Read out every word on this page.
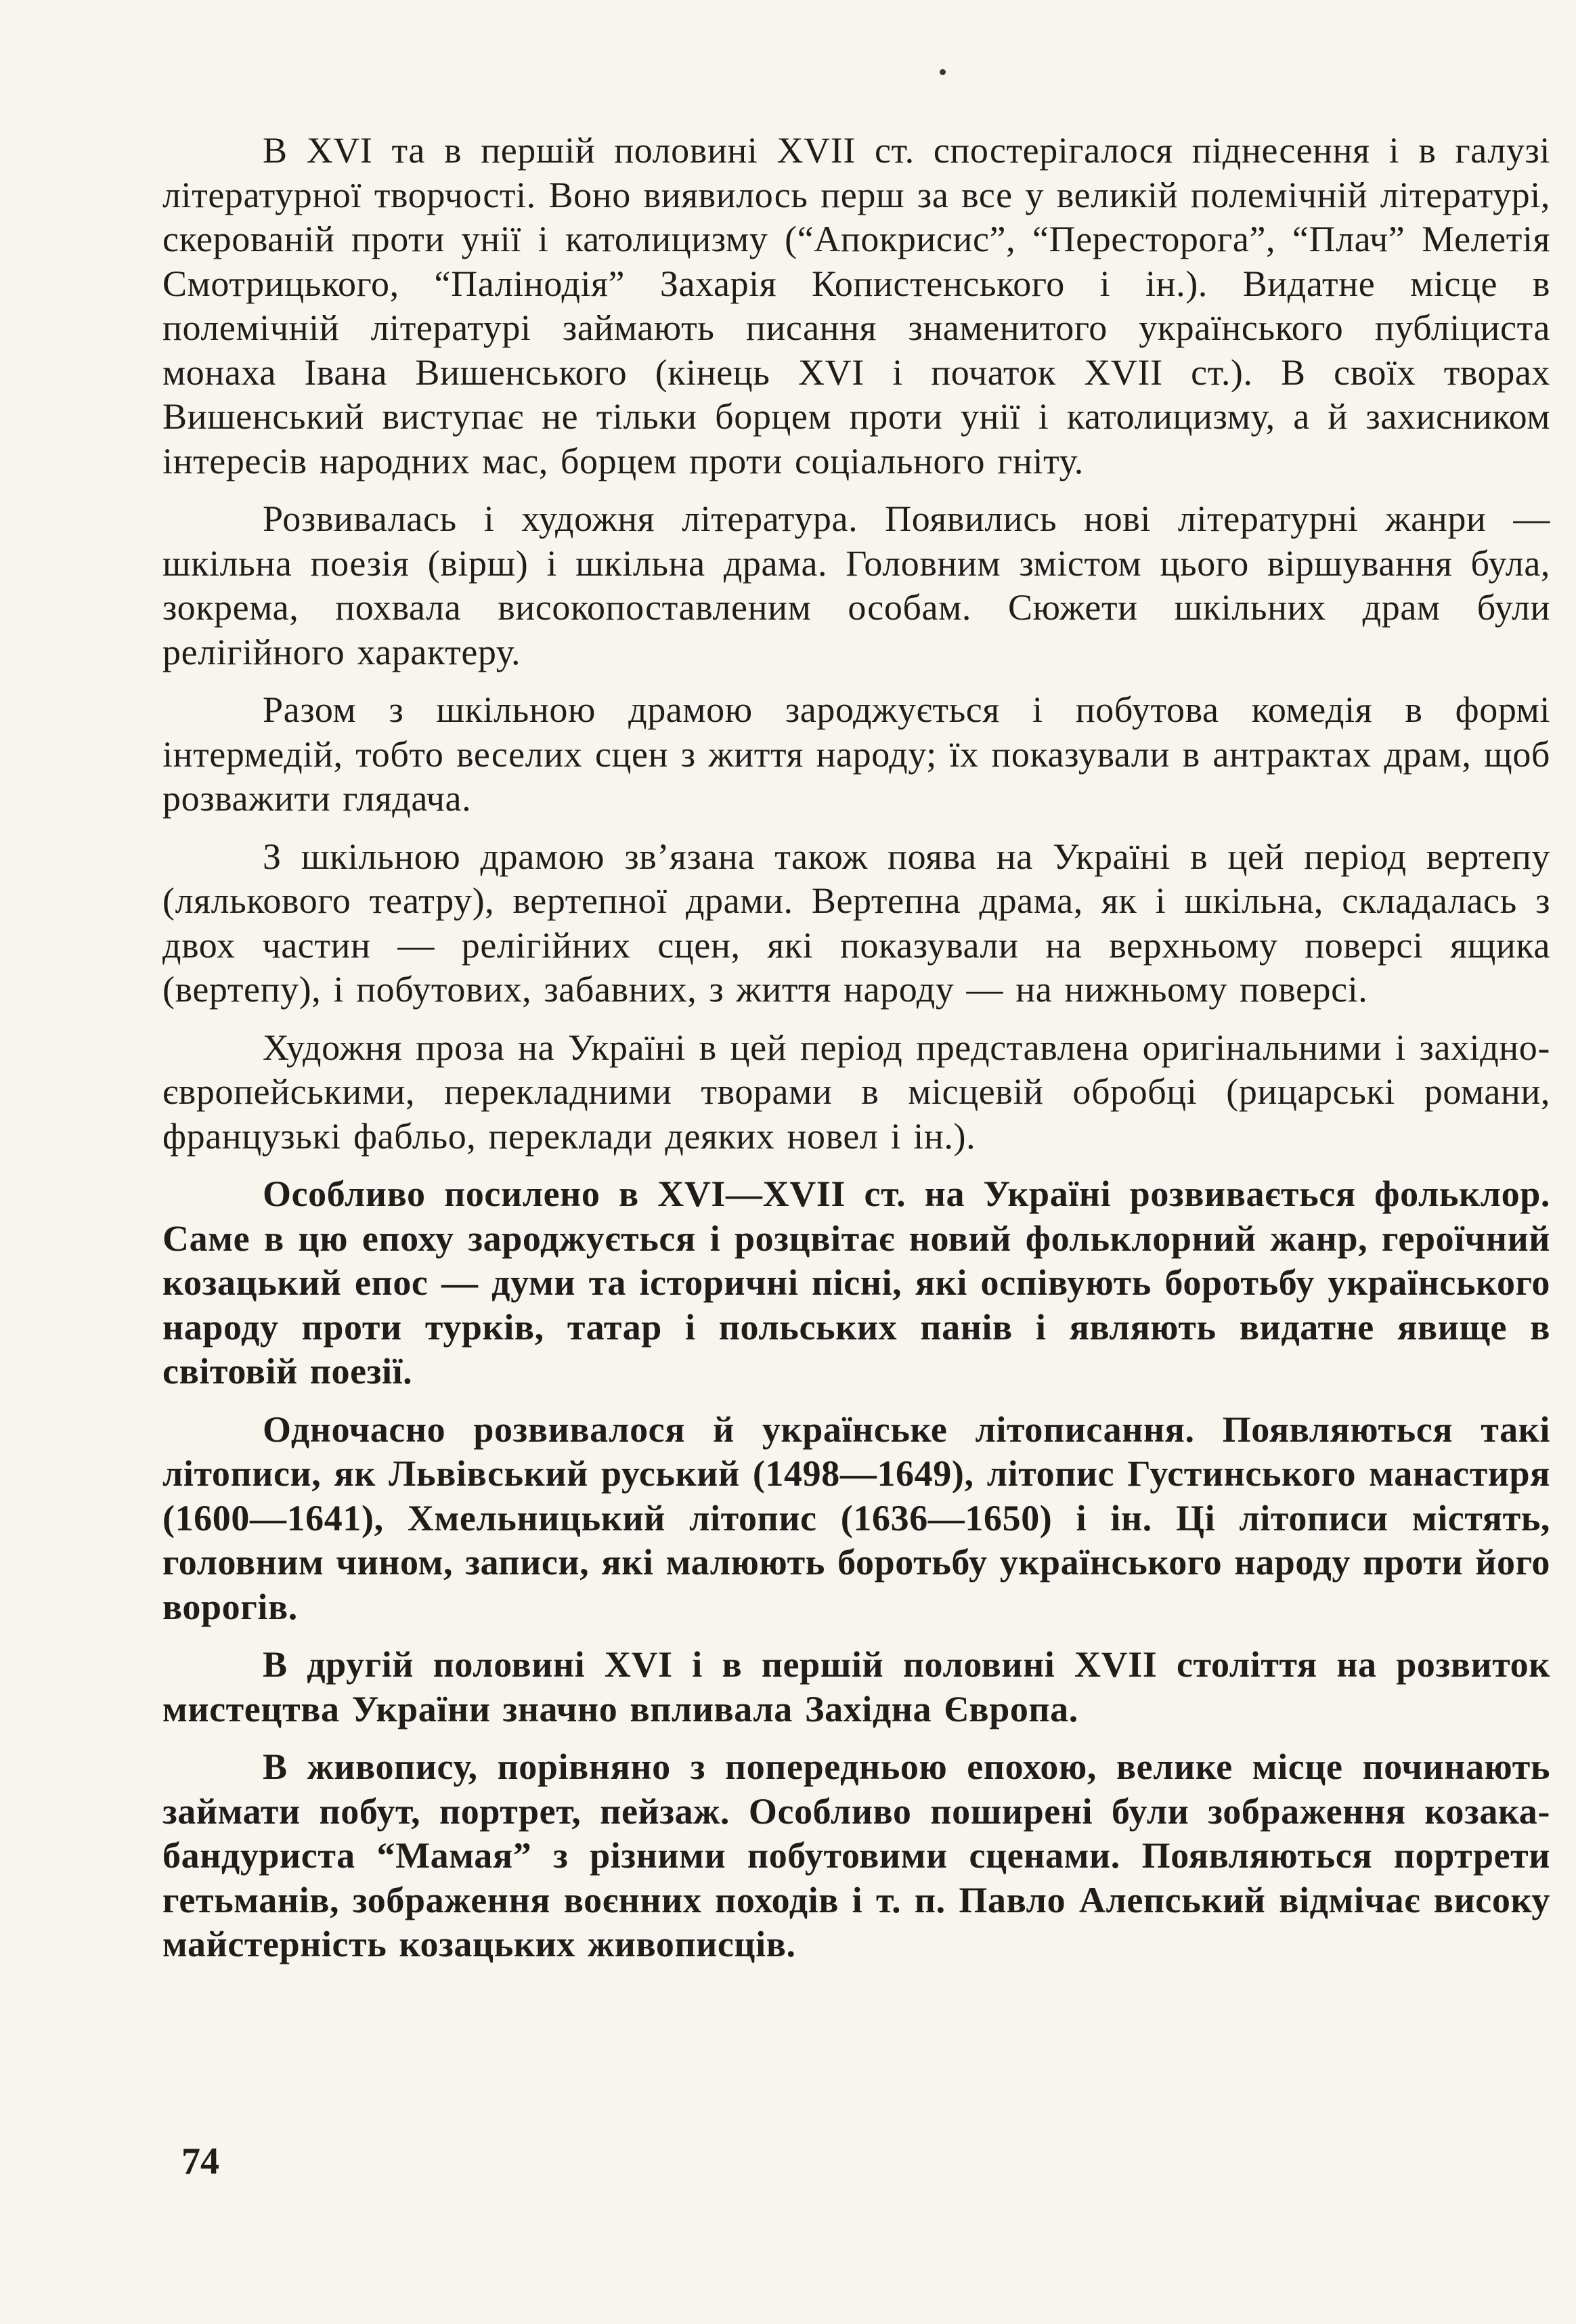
В XVI та в першій половині XVII ст. спостерігалося піднесення і в галузі літературної творчості. Воно виявилось перш за все у великій полемічній літературі, скерованій проти унії і католицизму (“Апокрисис”, “Пересторога”, “Плач” Мелетія Смотрицького, “Палінодія” Захарія Копистенського і ін.). Видатне місце в полемічній літературі займають писання знаменитого українського публіциста монаха Івана Вишенського (кінець XVI і початок XVII ст.). В своїх творах Вишенський виступає не тільки борцем проти унії і католицизму, а й захисником інтересів народних мас, борцем проти соціального гніту.

Розвивалась і художня література. Появились нові літературні жанри — шкільна поезія (вірш) і шкільна драма. Головним змістом цього віршування була, зокрема, похвала високопоставленим особам. Сюжети шкільних драм були релігійного характеру.

Разом з шкільною драмою зароджується і побутова комедія в формі інтермедій, тобто веселих сцен з життя народу; їх показували в антрактах драм, щоб розважити глядача.

З шкільною драмою зв’язана також поява на Україні в цей період вертепу (лялькового театру), вертепної драми. Вертепна драма, як і шкільна, складалась з двох частин — релігійних сцен, які показували на верхньому поверсі ящика (вертепу), і побутових, забавних, з життя народу — на нижньому поверсі.

Художня проза на Україні в цей період представлена оригінальними і західно-європейськими, перекладними творами в місцевій обробці (рицарські романи, французькі фабльо, переклади деяких новел і ін.).

Особливо посилено в XVI—XVII ст. на Україні розвивається фольклор. Саме в цю епоху зароджується і розцвітає новий фольклорний жанр, героїчний козацький епос — думи та історичні пісні, які оспівують боротьбу українського народу проти турків, татар і польських панів і являють видатне явище в світовій поезії.

Одночасно розвивалося й українське літописання. Появляються такі літописи, як Львівський руський (1498—1649), літопис Густинського манастиря (1600—1641), Хмельницький літопис (1636—1650) і ін. Ці літописи містять, головним чином, записи, які малюють боротьбу українського народу проти його ворогів.

В другій половині XVI і в першій половині XVII століття на розвиток мистецтва України значно впливала Західна Європа.

В живопису, порівняно з попередньою епохою, велике місце починають займати побут, портрет, пейзаж. Особливо поширені були зображення козака-бандуриста “Мамая” з різними побутовими сценами. Появляються портрети гетьманів, зображення воєнних походів і т. п. Павло Алепський відмічає високу майстерність козацьких живописців.

74
